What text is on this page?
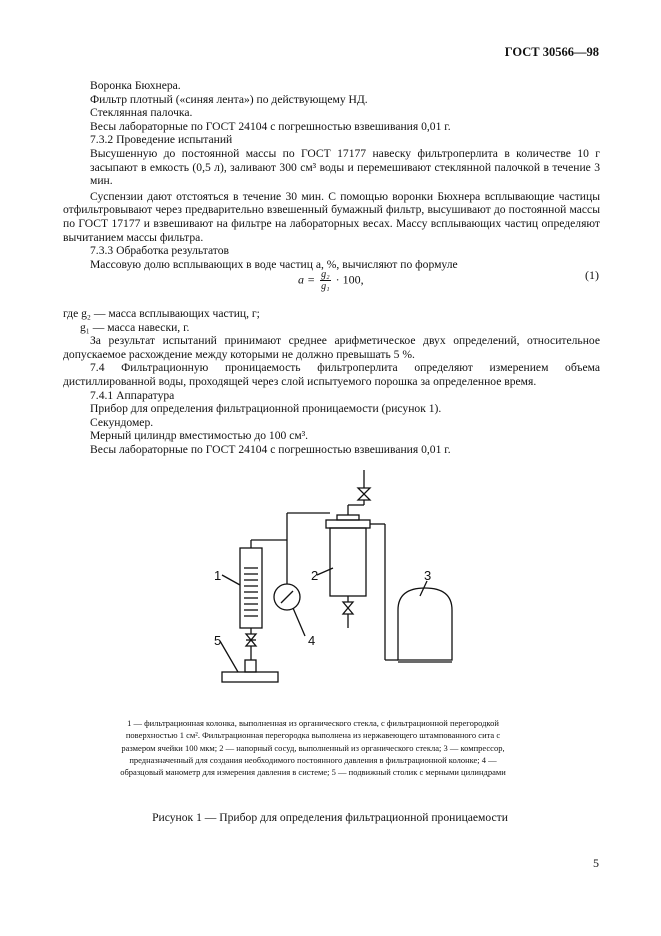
ГОСТ 30566—98

Воронка Бюхнера.

Фильтр плотный («синяя лента») по действующему НД.

Стеклянная палочка.

Весы лабораторные по ГОСТ 24104 с погрешностью взвешивания 0,01 г.

7.3.2 Проведение испытаний

Высушенную до постоянной массы по ГОСТ 17177 навеску фильтроперлита в количестве 10 г засыпают в емкость (0,5 л), заливают 300 см³ воды и перемешивают стеклянной палочкой в течение 3 мин.

Суспензии дают отстояться в течение 30 мин. С помощью воронки Бюхнера всплывающие частицы отфильтровывают через предварительно взвешенный бумажный фильтр, высушивают до постоянной массы по ГОСТ 17177 и взвешивают на фильтре на лабораторных весах. Массу всплывающих частиц определяют вычитанием массы фильтра.

7.3.3 Обработка результатов

Массовую долю всплывающих в воде частиц a, %, вычисляют по формуле

$a = \frac{\text{g₂}}{\text{g₁}} \cdot 100$,	(1)

где g₂ — масса всплывающих частиц, г;

g₁ — масса навески, г.

За результат испытаний принимают среднее арифметическое двух определений, относительное допускаемое расхождение между которыми не должно превышать 5 %.

7.4 Фильтрационную проницаемость фильтроперлита определяют измерением объема дистиллированной воды, проходящей через слой испытуемого порошка за определенное время.

7.4.1 Аппаратура

Прибор для определения фильтрационной проницаемости (рисунок 1).

Секундомер.

Мерный цилиндр вместимостью до 100 см³.

Весы лабораторные по ГОСТ 24104 с погрешностью взвешивания 0,01 г.

1	2	3
4
5
1 — фильтрационная колонка, выполненная из органического стекла, с фильтрационной перегородкой поверхностью 1 см². Фильтрационная перегородка выполнена из нержавеющего штампованного сита с размером ячейки 100 мкм; 2 — напорный сосуд, выполненный из органического стекла; 3 — компрессор, предназначенный для создания необходимого постоянного давления в фильтрационной колонке; 4 — образцовый манометр для измерения давления в системе; 5 — подвижный столик с мерными цилиндрами
Рисунок 1 — Прибор для определения фильтрационной проницаемости
5
